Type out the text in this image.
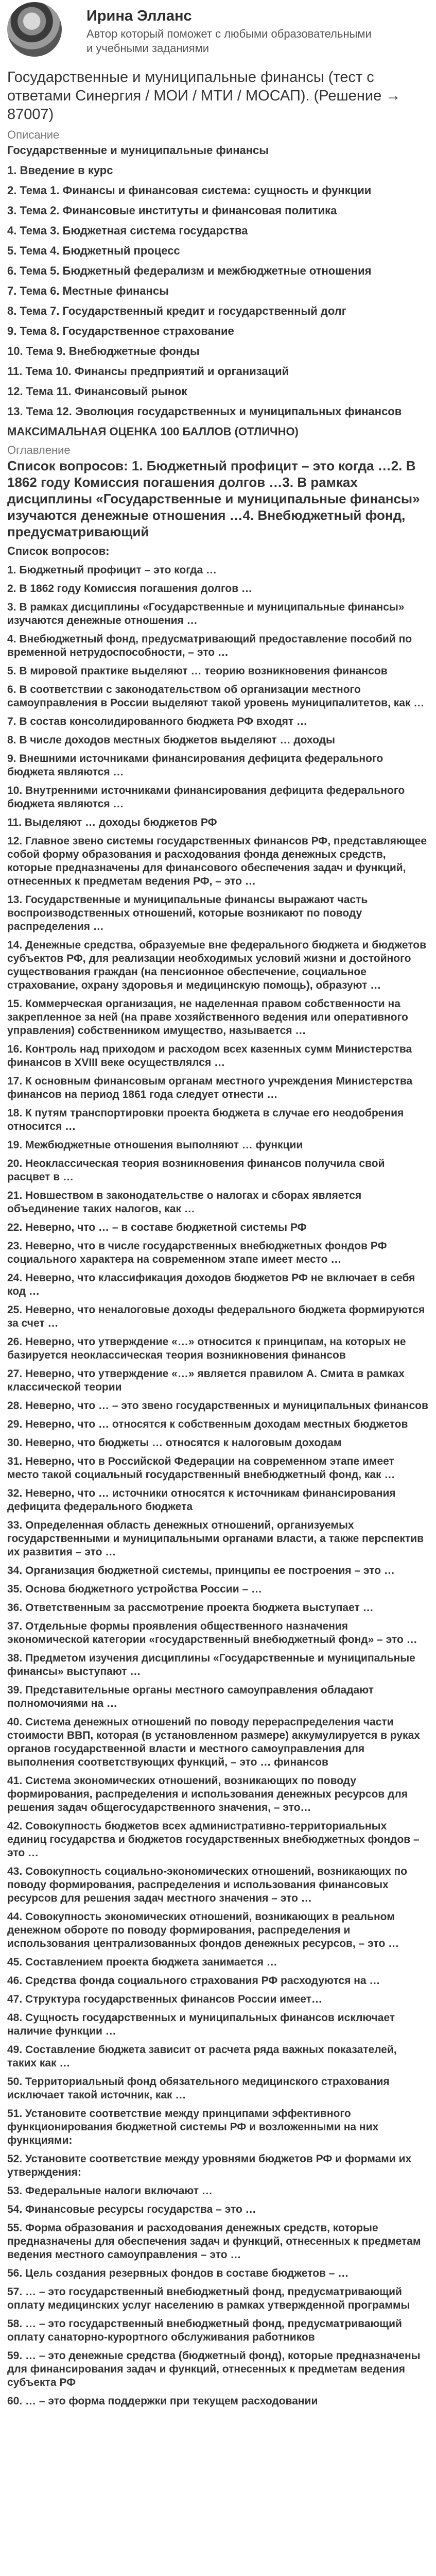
Ирина Элланс
Автор который поможет с любыми образовательными и учебными заданиями
Государственные и муниципальные финансы (тест с ответами Синергия / МОИ / МТИ / МОСАП). (Решение → 87007)
Описание
Государственные и муниципальные финансы
1. Введение в курс
2. Тема 1. Финансы и финансовая система: сущность и функции
3. Тема 2. Финансовые институты и финансовая политика
4. Тема 3. Бюджетная система государства
5. Тема 4. Бюджетный процесс
6. Тема 5. Бюджетный федерализм и межбюджетные отношения
7. Тема 6. Местные финансы
8. Тема 7. Государственный кредит и государственный долг
9. Тема 8. Государственное страхование
10. Тема 9. Внебюджетные фонды
11. Тема 10. Финансы предприятий и организаций
12. Тема 11. Финансовый рынок
13. Тема 12. Эволюция государственных и муниципальных финансов
МАКСИМАЛЬНАЯ ОЦЕНКА 100 БАЛЛОВ (ОТЛИЧНО)
Оглавление
Список вопросов: 1. Бюджетный профицит – это когда …2. В 1862 году Комиссия погашения долгов …3. В рамках дисциплины «Государственные и муниципальные финансы» изучаются денежные отношения …4. Внебюджетный фонд, предусматривающий
Список вопросов:
1. Бюджетный профицит – это когда …
2. В 1862 году Комиссия погашения долгов …
3. В рамках дисциплины «Государственные и муниципальные финансы» изучаются денежные отношения …
4. Внебюджетный фонд, предусматривающий предоставление пособий по временной нетрудоспособности, – это …
5. В мировой практике выделяют … теорию возникновения финансов
6. В соответствии с законодательством об организации местного самоуправления в России выделяют такой уровень муниципалитетов, как …
7. В состав консолидированного бюджета РФ входят …
8. В числе доходов местных бюджетов выделяют … доходы
9. Внешними источниками финансирования дефицита федерального бюджета являются …
10. Внутренними источниками финансирования дефицита федерального бюджета являются …
11. Выделяют … доходы бюджетов РФ
12. Главное звено системы государственных финансов РФ, представляющее собой форму образования и расходования фонда денежных средств, которые предназначены для финансового обеспечения задач и функций, отнесенных к предметам ведения РФ, – это …
13. Государственные и муниципальные финансы выражают часть воспроизводственных отношений, которые возникают по поводу распределения …
14. Денежные средства, образуемые вне федерального бюджета и бюджетов субъектов РФ, для реализации необходимых условий жизни и достойного существования граждан (на пенсионное обеспечение, социальное страхование, охрану здоровья и медицинскую помощь), образуют …
15. Коммерческая организация, не наделенная правом собственности на закрепленное за ней (на праве хозяйственного ведения или оперативного управления) собственником имущество, называется …
16. Контроль над приходом и расходом всех казенных сумм Министерства финансов в XVIII веке осуществлялся …
17. К основным финансовым органам местного учреждения Министерства финансов на период 1861 года следует отнести …
18. К путям транспортировки проекта бюджета в случае его неодобрения относится …
19. Межбюджетные отношения выполняют … функции
20. Неоклассическая теория возникновения финансов получила свой расцвет в …
21. Новшеством в законодательстве о налогах и сборах является объединение таких налогов, как …
22. Неверно, что … – в составе бюджетной системы РФ
23. Неверно, что в числе государственных внебюджетных фондов РФ социального характера на современном этапе имеет место …
24. Неверно, что классификация доходов бюджетов РФ не включает в себя код …
25. Неверно, что неналоговые доходы федерального бюджета формируются за счет …
26. Неверно, что утверждение «…» относится к принципам, на которых не базируется неоклассическая теория возникновения финансов
27. Неверно, что утверждение «…» является правилом А. Смита в рамках классической теории
28. Неверно, что … – это звено государственных и муниципальных финансов
29. Неверно, что … относятся к собственным доходам местных бюджетов
30. Неверно, что бюджеты … относятся к налоговым доходам
31. Неверно, что в Российской Федерации на современном этапе имеет место такой социальный государственный внебюджетный фонд, как …
32. Неверно, что … источники относятся к источникам финансирования дефицита федерального бюджета
33. Определенная область денежных отношений, организуемых государственными и муниципальными органами власти, а также перспектив их развития – это …
34. Организация бюджетной системы, принципы ее построения – это …
35. Основа бюджетного устройства России – …
36. Ответственным за рассмотрение проекта бюджета выступает …
37. Отдельные формы проявления общественного назначения экономической категории «государственный внебюджетный фонд» – это …
38. Предметом изучения дисциплины «Государственные и муниципальные финансы» выступают …
39. Представительные органы местного самоуправления обладают полномочиями на …
40. Система денежных отношений по поводу перераспределения части стоимости ВВП, которая (в установленном размере) аккумулируется в руках органов государственной власти и местного самоуправления для выполнения соответствующих функций, – это … финансов
41. Система экономических отношений, возникающих по поводу формирования, распределения и использования денежных ресурсов для решения задач общегосударственного значения, – это…
42. Совокупность бюджетов всех административно-территориальных единиц государства и бюджетов государственных внебюджетных фондов – это …
43. Совокупность социально-экономических отношений, возникающих по поводу формирования, распределения и использования финансовых ресурсов для решения задач местного значения – это …
44. Совокупность экономических отношений, возникающих в реальном денежном обороте по поводу формирования, распределения и использования централизованных фондов денежных ресурсов, – это …
45. Составлением проекта бюджета занимается …
46. Средства фонда социального страхования РФ расходуются на …
47. Структура государственных финансов России имеет…
48. Сущность государственных и муниципальных финансов исключает наличие функции …
49. Составление бюджета зависит от расчета ряда важных показателей, таких как …
50. Территориальный фонд обязательного медицинского страхования исключает такой источник, как …
51. Установите соответствие между принципами эффективного функционирования бюджетной системы РФ и возложенными на них функциями:
52. Установите соответствие между уровнями бюджетов РФ и формами их утверждения:
53. Федеральные налоги включают …
54. Финансовые ресурсы государства – это …
55. Форма образования и расходования денежных средств, которые предназначены для обеспечения задач и функций, отнесенных к предметам ведения местного самоуправления – это …
56. Цель создания резервных фондов в составе бюджетов – …
57. … – это государственный внебюджетный фонд, предусматривающий оплату медицинских услуг населению в рамках утвержденной программы
58. … – это государственный внебюджетный фонд, предусматривающий оплату санаторно-курортного обслуживания работников
59. … – это денежные средства (бюджетный фонд), которые предназначены для финансирования задач и функций, отнесенных к предметам ведения субъекта РФ
60. … – это форма поддержки при текущем расходовании
